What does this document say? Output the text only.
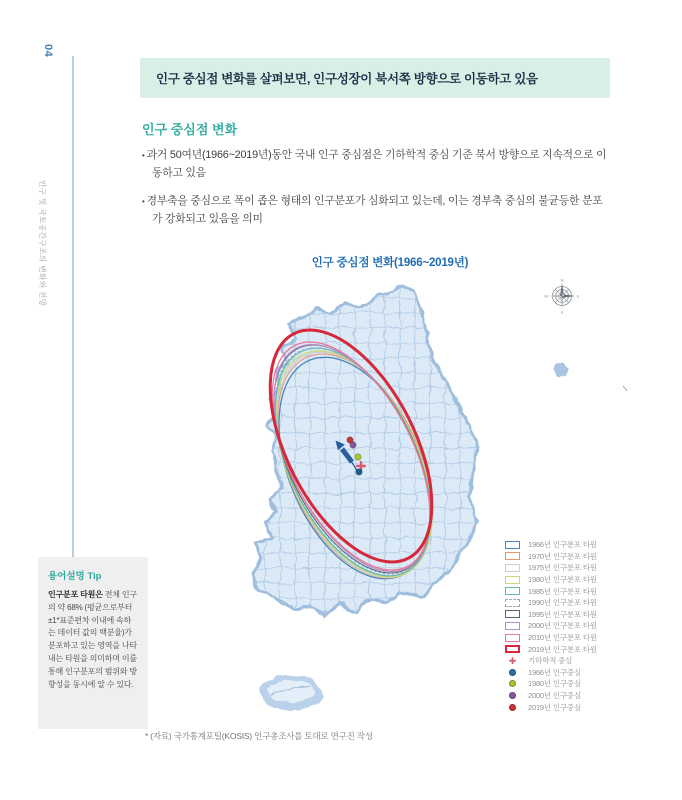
04
인구 및 국토공간구조의 변화와 전망
인구 중심점 변화를 살펴보면, 인구성장이 북서쪽 방향으로 이동하고 있음
인구 중심점 변화

• 과거 50여년(1966~2019년)동안 국내 인구 중심점은 기하학적 중심 기준 북서 방향으로 지속적으로 이동하고 있음

• 경부축을 중심으로 폭이 좁은 형태의 인구분포가 심화되고 있는데, 이는 경부축 중심의 불균등한 분포가 강화되고 있음을 의미

인구 중심점 변화(1966~2019년)
N
E
S
W
1966년 인구분포 타원
1970년 인구분포 타원
1975년 인구분포 타원
1980년 인구분포 타원
1985년 인구분포 타원
1990년 인구분포 타원
1995년 인구분포 타원
2000년 인구분포 타원
2010년 인구분포 타원
2019년 인구분포 타원
✚	기하학적 중심
1966년 인구중심
1980년 인구중심
2000년 인구중심
2019년 인구중심
용어설명 Tip
인구분포 타원은 전체 인구의 약 68% (평균으로부터 ±1*표준편차 이내에 속하는 데이터 값의 백분율)가 분포하고 있는 영역을 나타내는 타원을 의미하며 이를 통해 인구분포의 범위와 방향성을 동시에 알 수 있다.
* (자료) 국가통계포털(KOSIS) 인구총조사를 토대로 연구진 작성
